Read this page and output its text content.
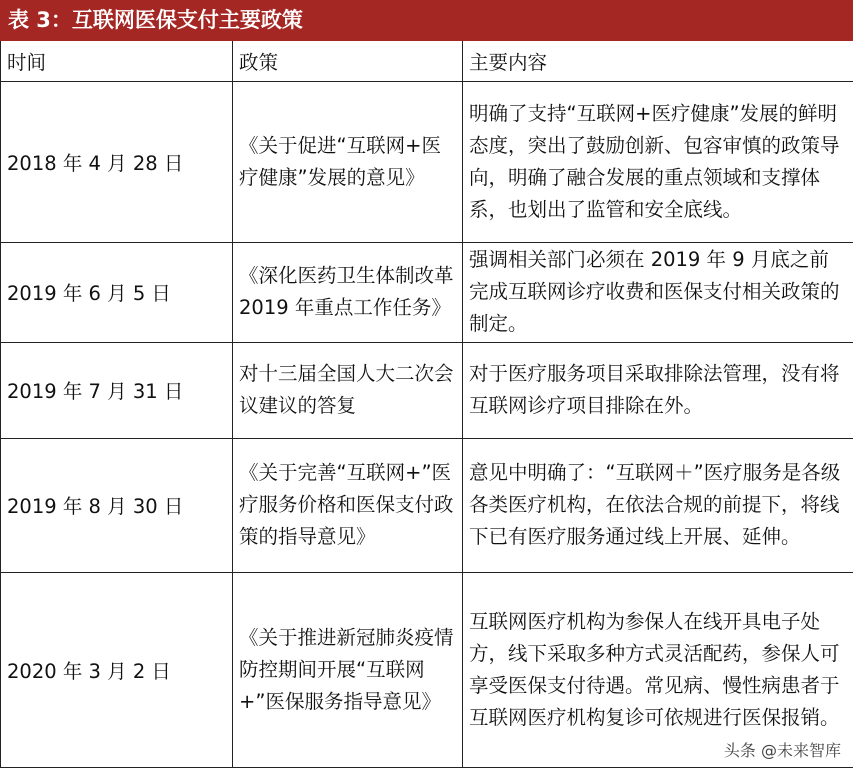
表 3：互联网医保支付主要政策
时间	政策	主要内容
2018 年 4 月 28 日	《关于促进“互联网+医疗健康”发展的意见》	明确了支持“互联网+医疗健康”发展的鲜明态度，突出了鼓励创新、包容审慎的政策导向，明确了融合发展的重点领域和支撑体系，也划出了监管和安全底线。
2019 年 6 月 5 日	《深化医药卫生体制改革 2019 年重点工作任务》	强调相关部门必须在 2019 年 9 月底之前完成互联网诊疗收费和医保支付相关政策的制定。
2019 年 7 月 31 日	对十三届全国人大二次会议建议的答复	对于医疗服务项目采取排除法管理，没有将互联网诊疗项目排除在外。
2019 年 8 月 30 日	《关于完善“互联网+”医疗服务价格和医保支付政策的指导意见》	意见中明确了：“互联网＋”医疗服务是各级各类医疗机构，在依法合规的前提下，将线下已有医疗服务通过线上开展、延伸。
2020 年 3 月 2 日	《关于推进新冠肺炎疫情防控期间开展“互联网+”医保服务指导意见》	互联网医疗机构为参保人在线开具电子处方，线下采取多种方式灵活配药，参保人可享受医保支付待遇。常见病、慢性病患者于互联网医疗机构复诊可依规进行医保报销。
头条 @未来智库
